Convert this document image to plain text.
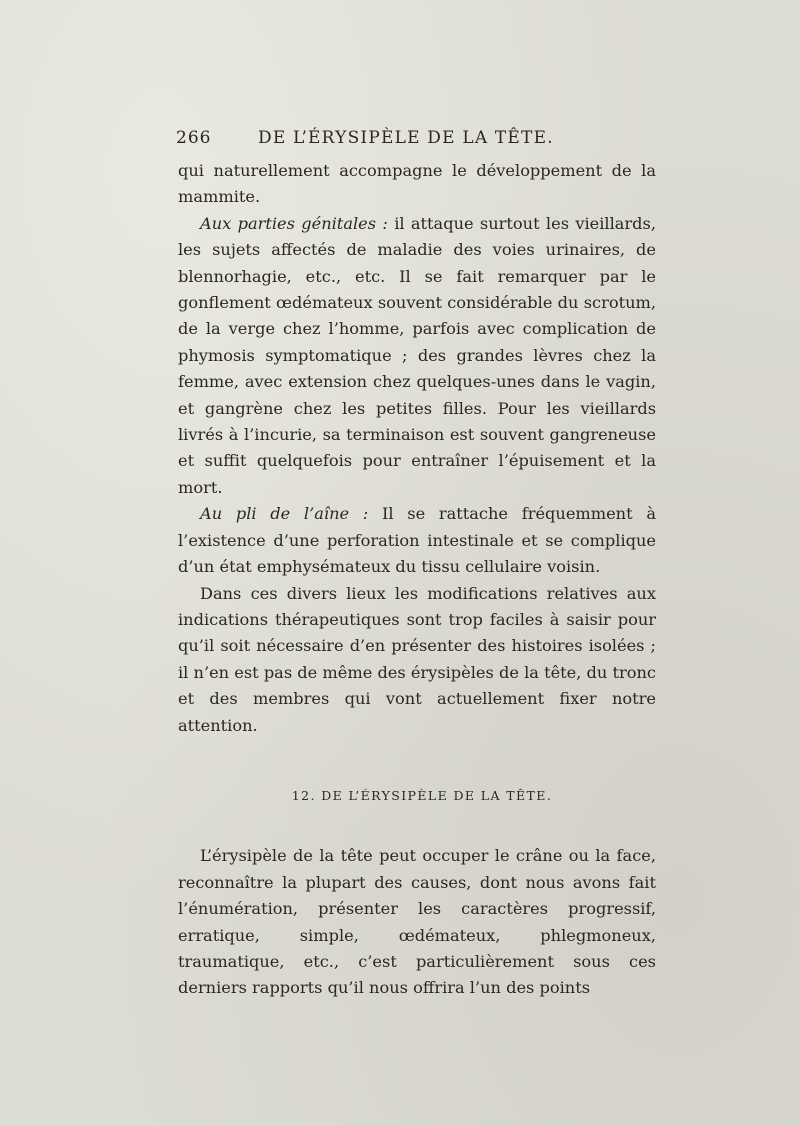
266	DE L’ÉRYSIPÈLE DE LA TÊTE.

qui naturellement accompagne le développement de la mammite.

Aux parties génitales : il attaque surtout les vieillards, les sujets affectés de maladie des voies urinaires, de blennorhagie, etc., etc. Il se fait remarquer par le gonflement œdémateux souvent considérable du scrotum, de la verge chez l’homme, parfois avec complication de phymosis symptomatique ; des grandes lèvres chez la femme, avec extension chez quelques-unes dans le vagin, et gangrène chez les petites filles. Pour les vieillards livrés à l’incurie, sa terminaison est souvent gangreneuse et suffit quelquefois pour entraîner l’épuisement et la mort.

Au pli de l’aîne : Il se rattache fréquemment à l’existence d’une perforation intestinale et se complique d’un état emphysémateux du tissu cellulaire voisin.

Dans ces divers lieux les modifications relatives aux indications thérapeutiques sont trop faciles à saisir pour qu’il soit nécessaire d’en présenter des histoires isolées ; il n’en est pas de même des érysipèles de la tête, du tronc et des membres qui vont actuellement fixer notre attention.

12. DE L’ÉRYSIPÈLE DE LA TÊTE.

L’érysipèle de la tête peut occuper le crâne ou la face, reconnaître la plupart des causes, dont nous avons fait l’énumération, présenter les caractères progressif, erratique, simple, œdémateux, phlegmoneux, traumatique, etc., c’est particulièrement sous ces derniers rapports qu’il nous offrira l’un des points
